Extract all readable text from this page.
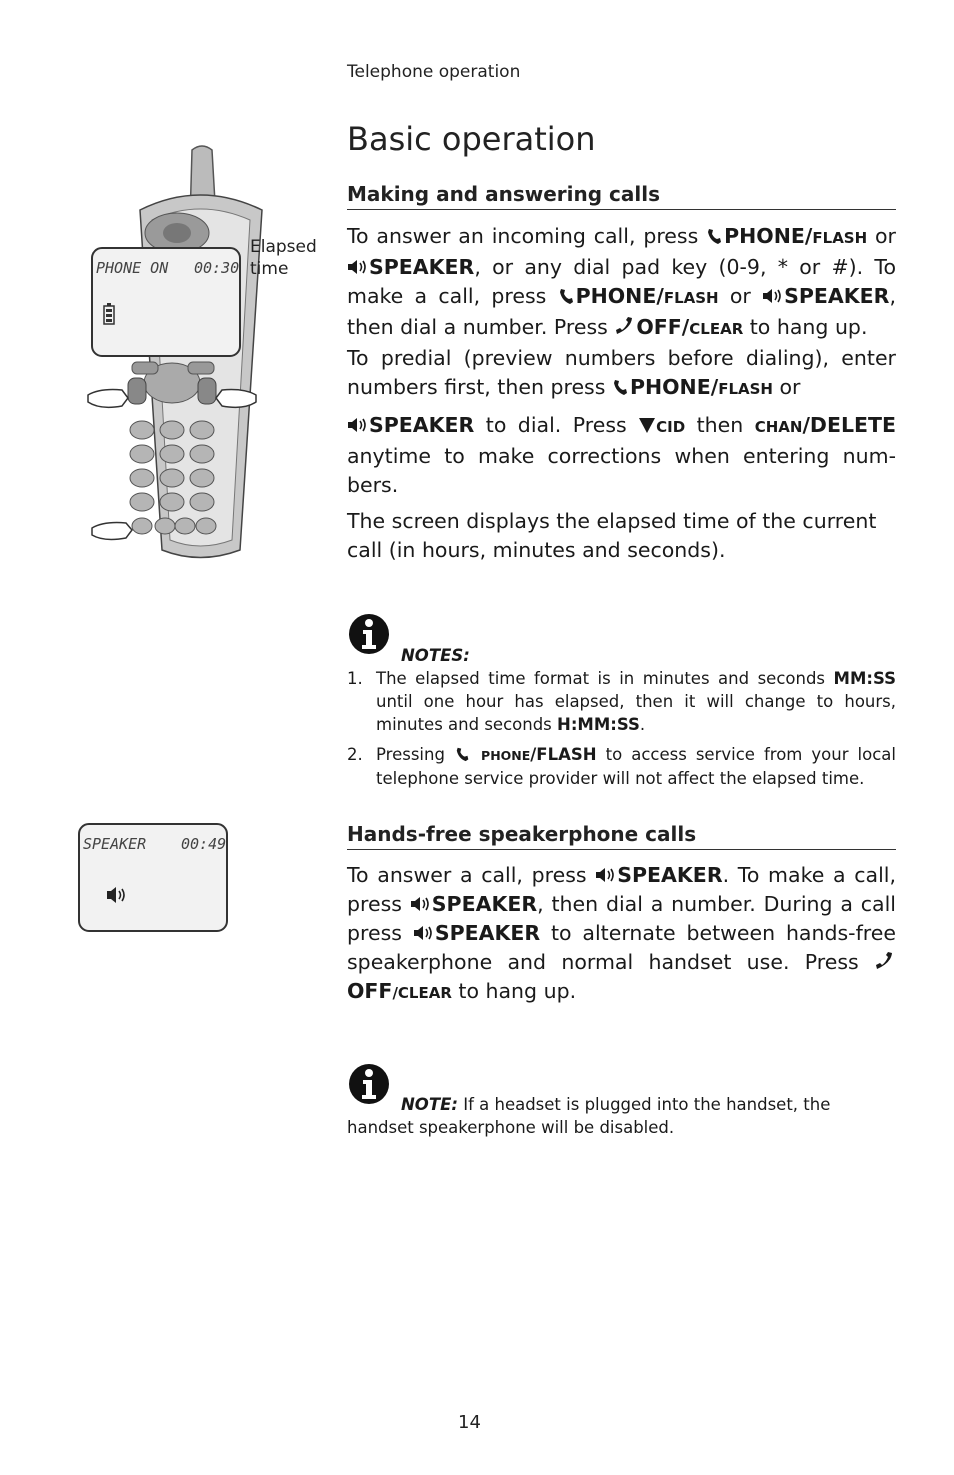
Telephone operation
Basic operation
PHONE ON 00:30
Elapsed
time
Making and answering calls

To answer an incoming call, press PHONE/FLASH or SPEAKER, or any dial pad key (0-9, * or #). To make a call, press PHONE/FLASH or SPEAKER, then dial a number. Press OFF/CLEAR to hang up.

To predial (preview numbers before dialing), enter numbers first, then press PHONE/FLASH or
SPEAKER to dial. Press CID then CHAN/DELETE anytime to make corrections when entering num-bers.

The screen displays the elapsed time of the current call (in hours, minutes and seconds).

NOTES:
1. The elapsed time format is in minutes and seconds MM:SS until one hour has elapsed, then it will change to hours, minutes and seconds H:MM:SS.
2. Pressing  PHONE/FLASH to access service from your local telephone service provider will not affect the elapsed time.
SPEAKER 00:49	Hands-free speakerphone calls

To answer a call, press SPEAKER. To make a call, press SPEAKER, then dial a number. During a call press SPEAKER to alternate between hands-free speakerphone and normal handset use. Press OFF/CLEAR to hang up.

NOTE: If a headset is plugged into the handset, the handset speakerphone will be disabled.

14
